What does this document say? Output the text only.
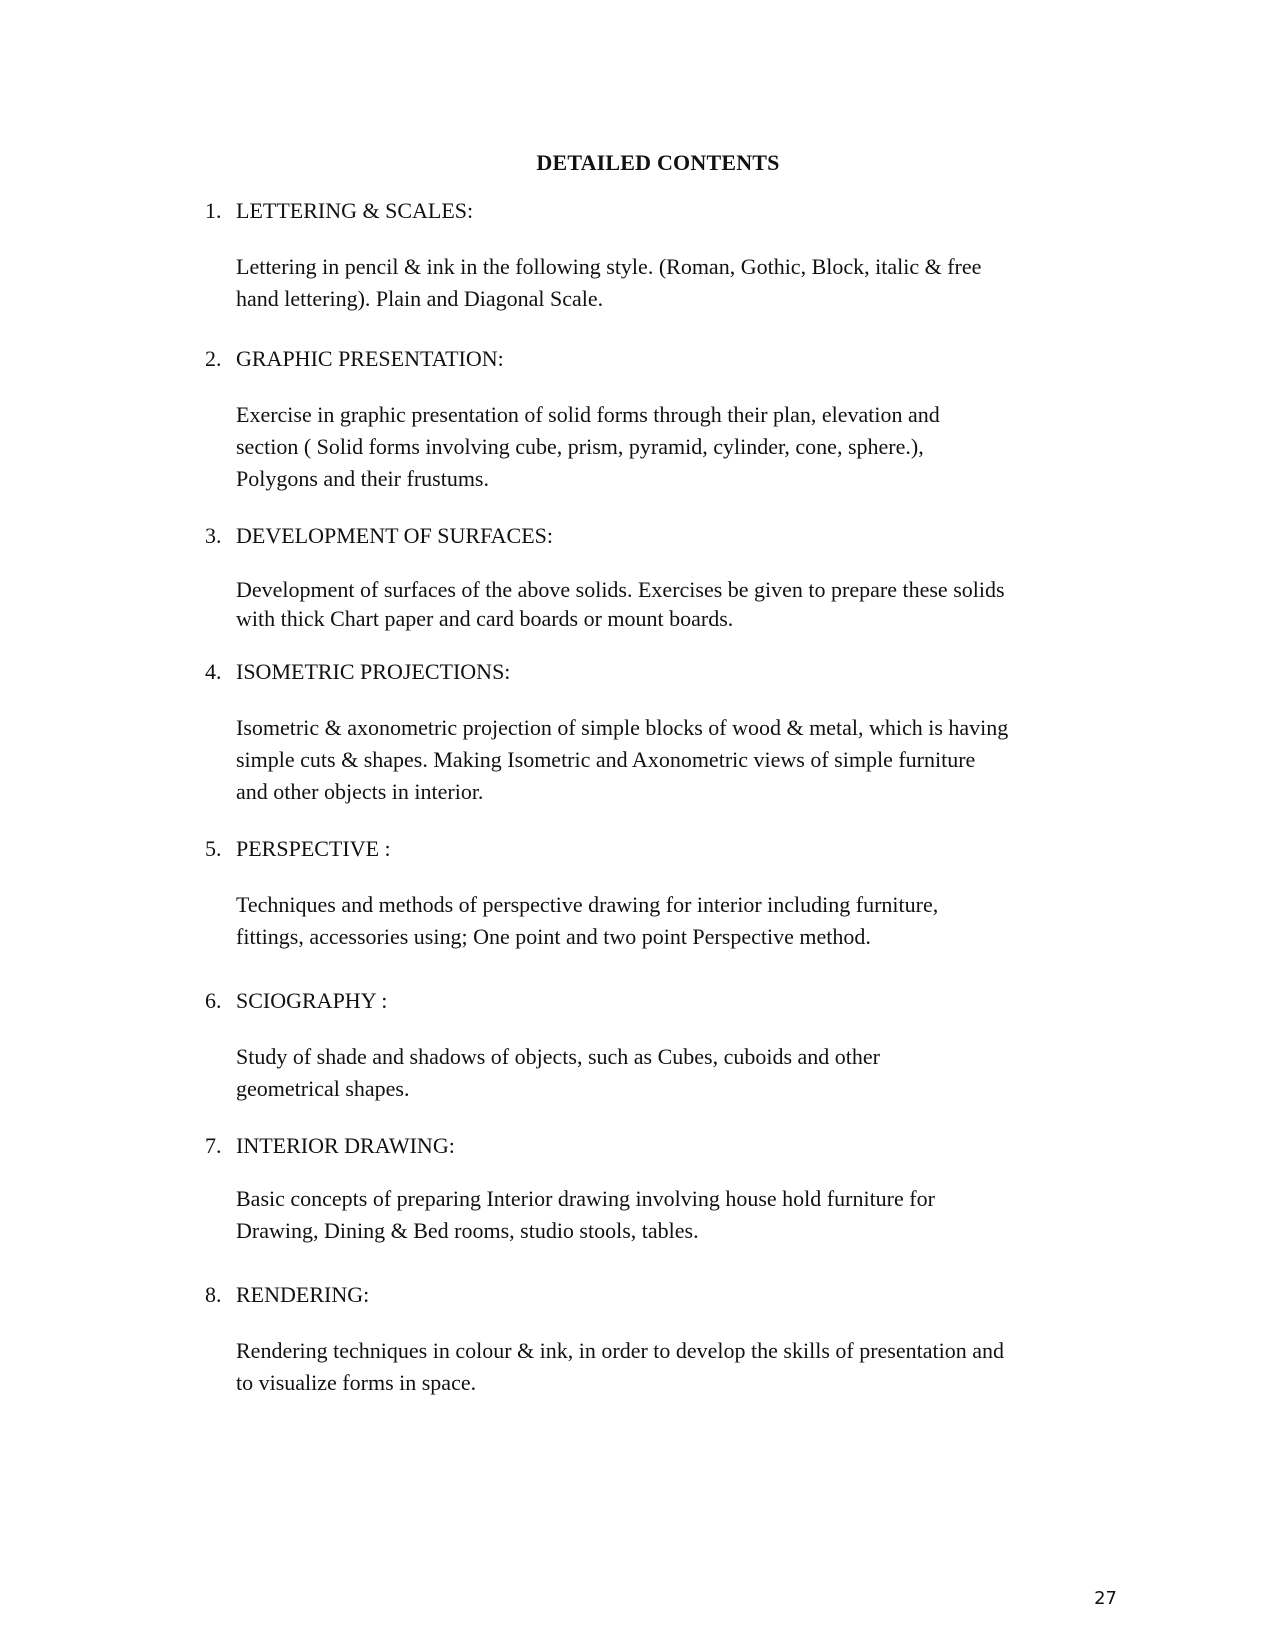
DETAILED CONTENTS
1. LETTERING & SCALES:
Lettering in pencil & ink in the following style. (Roman, Gothic, Block, italic & free
hand lettering). Plain and Diagonal Scale.
2. GRAPHIC PRESENTATION:
Exercise in graphic presentation of solid forms through their plan, elevation and
section ( Solid forms involving cube, prism, pyramid, cylinder, cone, sphere.),
Polygons and their frustums.
3. DEVELOPMENT OF SURFACES:
Development of surfaces of the above solids. Exercises be given to prepare these solids
with thick Chart paper and card boards or mount boards.
4. ISOMETRIC PROJECTIONS:
Isometric & axonometric projection of simple blocks of wood & metal, which is having
simple cuts & shapes. Making Isometric and Axonometric views of simple furniture
and other objects in interior.
5. PERSPECTIVE :
Techniques and methods of perspective drawing for interior including furniture,
fittings, accessories using; One point and two point Perspective method.
6. SCIOGRAPHY :
Study of shade and shadows of objects, such as Cubes, cuboids and other
geometrical shapes.
7. INTERIOR DRAWING:
Basic concepts of preparing Interior drawing involving house hold furniture for
Drawing, Dining & Bed rooms, studio stools, tables.
8. RENDERING:
Rendering techniques in colour & ink, in order to develop the skills of presentation and
to visualize forms in space.
27
